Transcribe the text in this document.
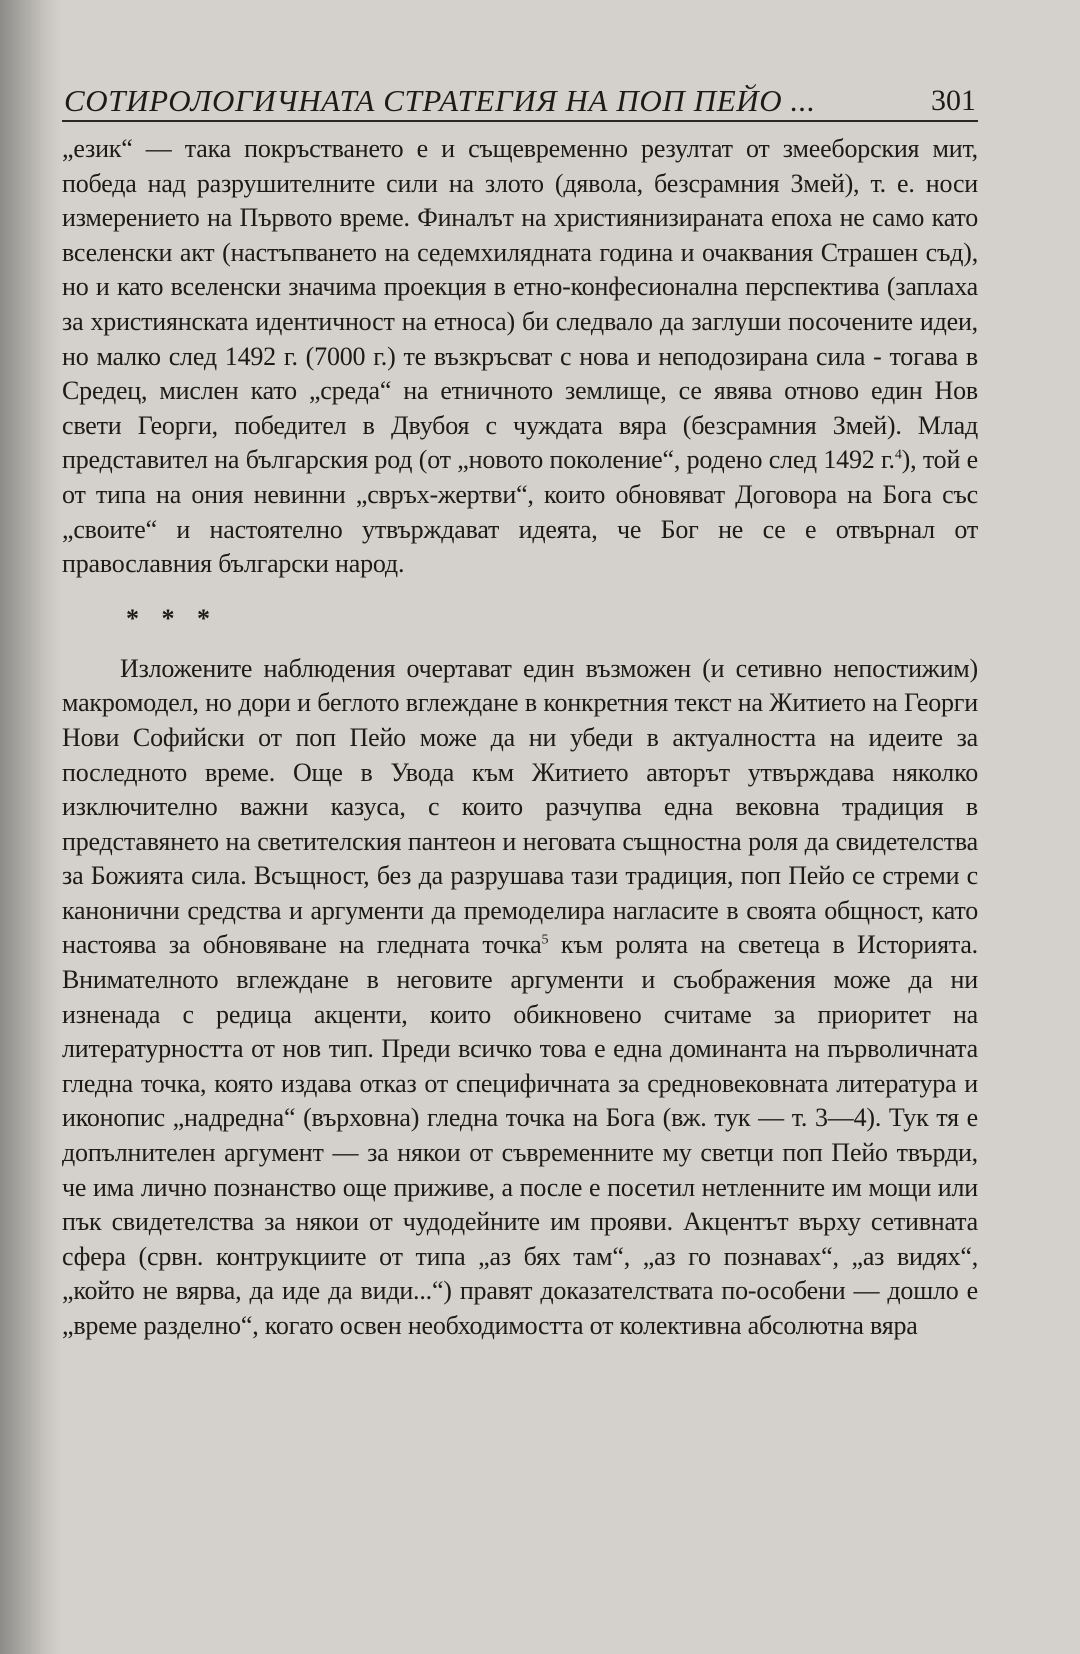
СОТИРОЛОГИЧНАТА СТРАТЕГИЯ НА ПОП ПЕЙО ...	301

„език“ — така покръстването е и същевременно резултат от змееборския мит, победа над разрушителните сили на злото (дявола, безсрамния Змей), т. е. носи измерението на Първото време. Финалът на християнизираната епоха не само като вселенски акт (настъпването на седемхилядната година и очаквания Страшен съд), но и като вселенски значима проекция в етно-конфесионална перспектива (заплаха за християнската идентичност на етноса) би следвало да заглуши посочените идеи, но малко след 1492 г. (7000 г.) те възкръсват с нова и неподозирана сила - тогава в Средец, мислен като „среда“ на етничното землище, се явява отново един Нов свети Георги, победител в Двубоя с чуждата вяра (безсрамния Змей). Млад представител на българския род (от „новото поколение“, родено след 1492 г.$^4$), той е от типа на ония невинни „свръх-жертви“, които обновяват Договора на Бога със „своите“ и настоятелно утвърждават идеята, че Бог не се е отвърнал от православния български народ.

* * *

Изложените наблюдения очертават един възможен (и сетивно непостижим) макромодел, но дори и беглото вглеждане в конкретния текст на Житието на Георги Нови Софийски от поп Пейо може да ни убеди в актуалността на идеите за последното време. Още в Увода към Житието авторът утвърждава няколко изключително важни казуса, с които разчупва една вековна традиция в представянето на светителския пантеон и неговата същностна роля да свидетелства за Божията сила. Всъщност, без да разрушава тази традиция, поп Пейо се стреми с канонични средства и аргументи да премоделира нагласите в своята общност, като настоява за обновяване на гледната точка$^5$ към ролята на светеца в Историята. Внимателното вглеждане в неговите аргументи и съображения може да ни изненада с редица акценти, които обикновено считаме за приоритет на литературността от нов тип. Преди всичко това е една доминанта на първоличната гледна точка, която издава отказ от специфичната за средновековната литература и иконопис „надредна“ (върховна) гледна точка на Бога (вж. тук — т. 3—4). Тук тя е допълнителен аргумент — за някои от съвременните му светци поп Пейо твърди, че има лично познанство още приживе, а после е посетил нетленните им мощи или пък свидетелства за някои от чудодейните им прояви. Акцентът върху сетивната сфера (срвн. контрукциите от типа „аз бях там“, „аз го познавах“, „аз видях“, „който не вярва, да иде да види...“) правят доказателствата по-особени — дошло е „време разделно“, когато освен необходимостта от колективна абсолютна вяра
